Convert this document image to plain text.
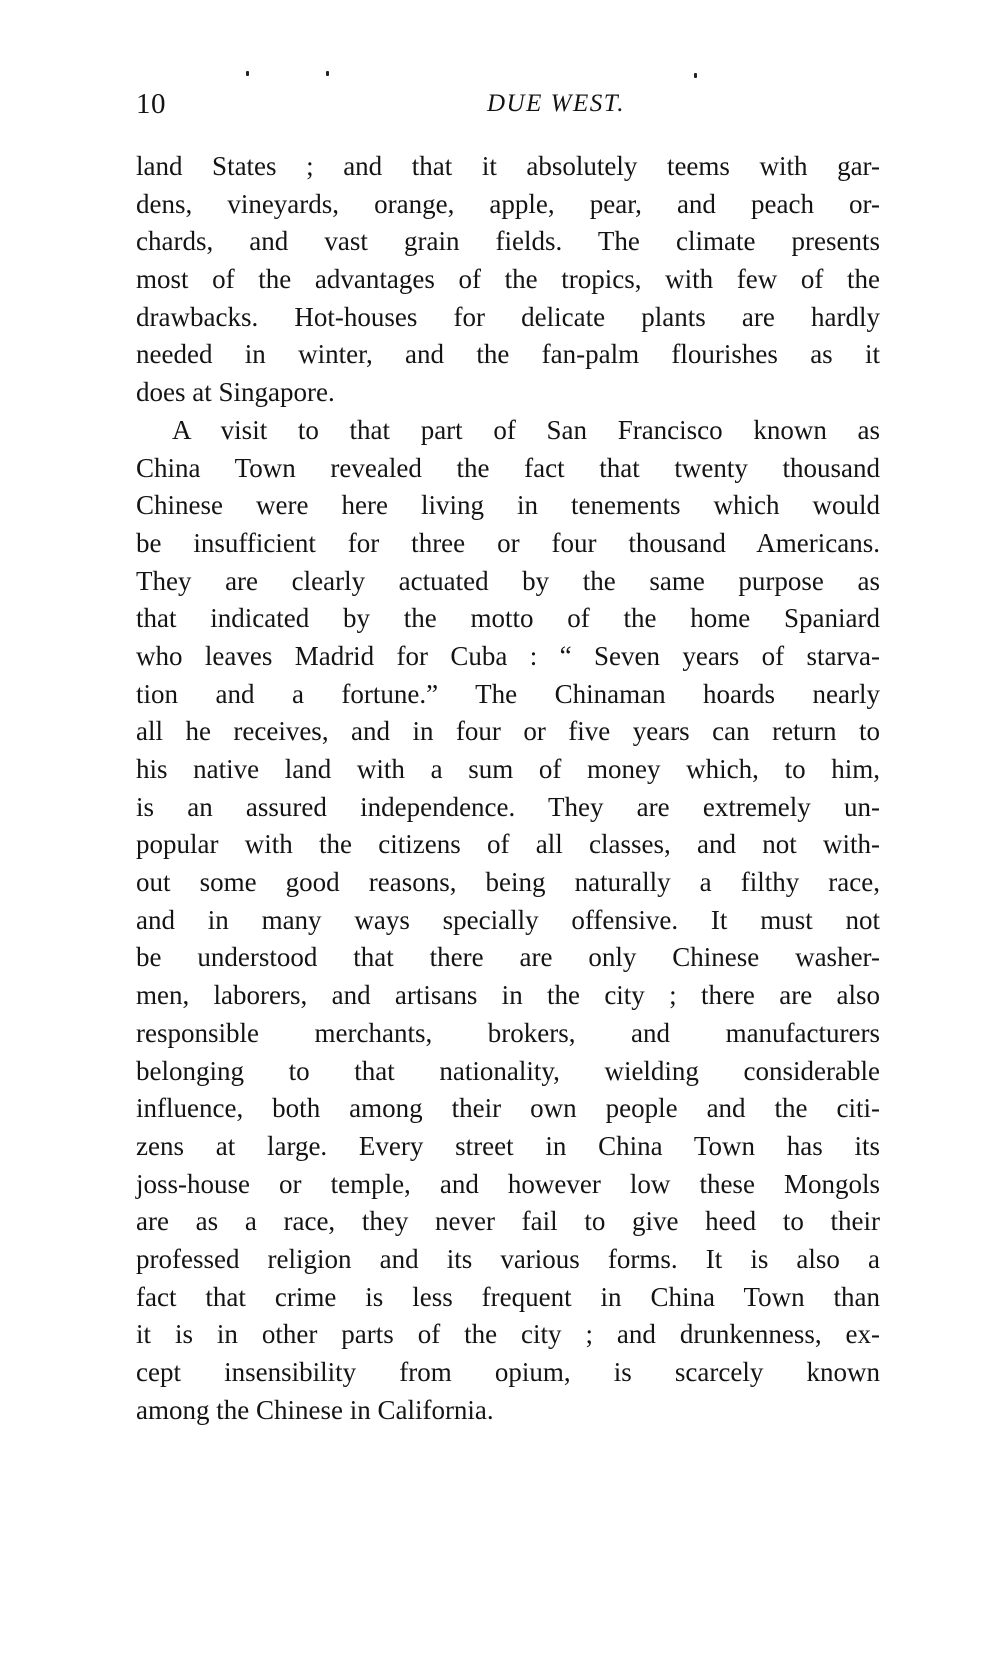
10	DUE WEST.
land States ; and that it absolutely teems with gar-
dens, vineyards, orange, apple, pear, and peach or-
chards, and vast grain fields. The climate presents
most of the advantages of the tropics, with few of the
drawbacks. Hot-houses for delicate plants are hardly
needed in winter, and the fan-palm flourishes as it
does at Singapore.
A visit to that part of San Francisco known as
China Town revealed the fact that twenty thousand
Chinese were here living in tenements which would
be insufficient for three or four thousand Americans.
They are clearly actuated by the same purpose as
that indicated by the motto of the home Spaniard
who leaves Madrid for Cuba : “ Seven years of starva-
tion and a fortune.” The Chinaman hoards nearly
all he receives, and in four or five years can return to
his native land with a sum of money which, to him,
is an assured independence. They are extremely un-
popular with the citizens of all classes, and not with-
out some good reasons, being naturally a filthy race,
and in many ways specially offensive. It must not
be understood that there are only Chinese washer-
men, laborers, and artisans in the city ; there are also
responsible merchants, brokers, and manufacturers
belonging to that nationality, wielding considerable
influence, both among their own people and the citi-
zens at large. Every street in China Town has its
joss-house or temple, and however low these Mongols
are as a race, they never fail to give heed to their
professed religion and its various forms. It is also a
fact that crime is less frequent in China Town than
it is in other parts of the city ; and drunkenness, ex-
cept insensibility from opium, is scarcely known
among the Chinese in California.
